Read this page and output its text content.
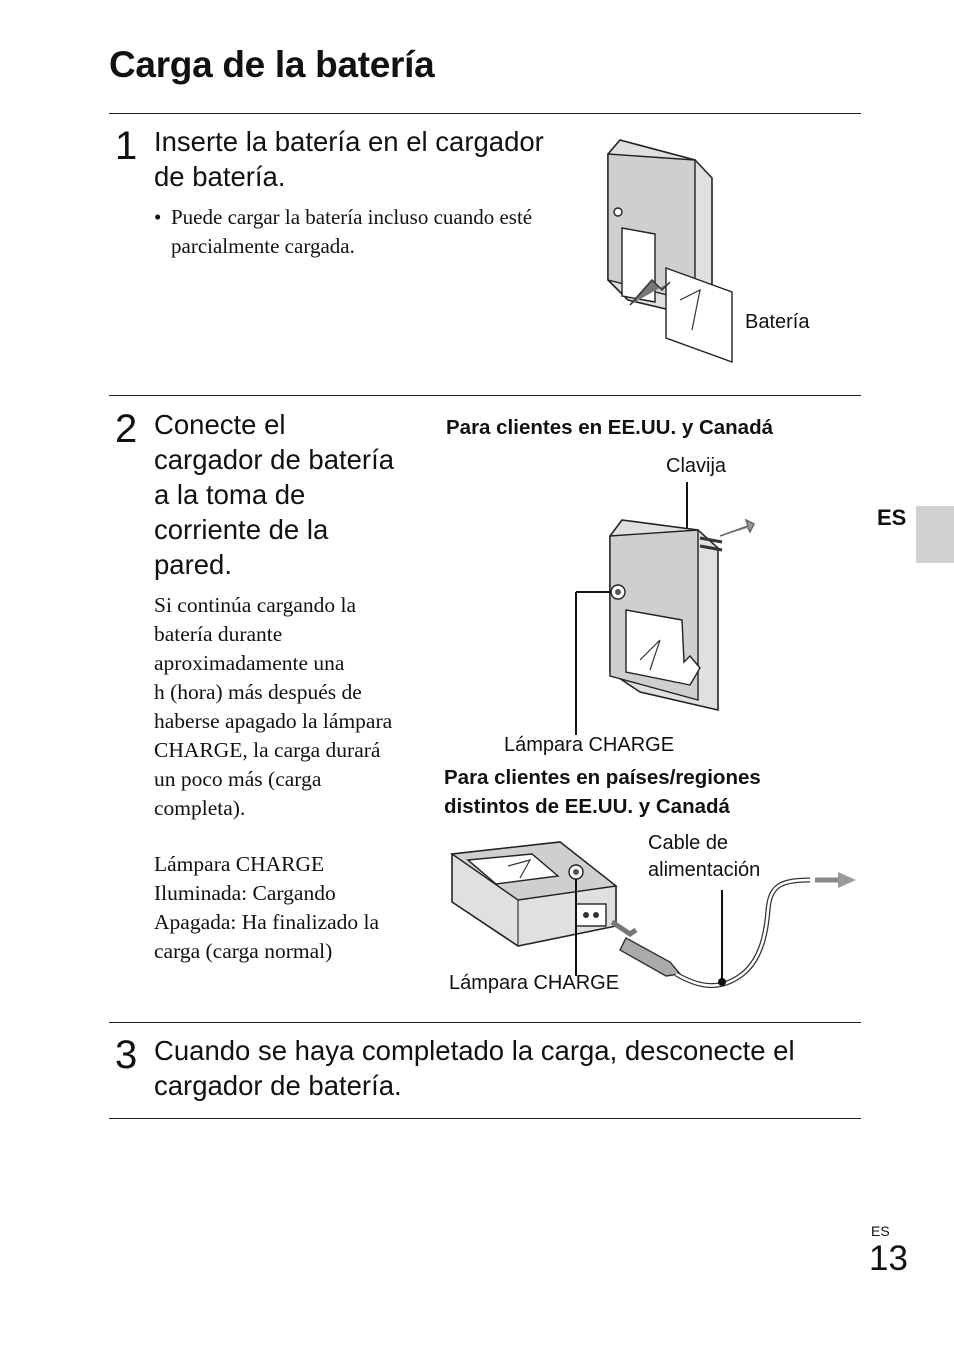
Carga de la batería
ES
1 Inserte la batería en el cargador
de batería.
• Puede cargar la batería incluso cuando esté
parcialmente cargada.
Batería
2 Conecte el
cargador de batería
a la toma de
corriente de la
pared.
Si continúa cargando la
batería durante
aproximadamente una
h (hora) más después de
haberse apagado la lámpara
CHARGE, la carga durará
un poco más (carga
completa).
Lámpara CHARGE
Iluminada: Cargando
Apagada: Ha finalizado la
carga (carga normal)
Para clientes en EE.UU. y Canadá
Clavija
Lámpara CHARGE
Para clientes en países/regiones
distintos de EE.UU. y Canadá
Cable de
alimentación
Lámpara CHARGE
3 Cuando se haya completado la carga, desconecte el
cargador de batería.
ES
13
